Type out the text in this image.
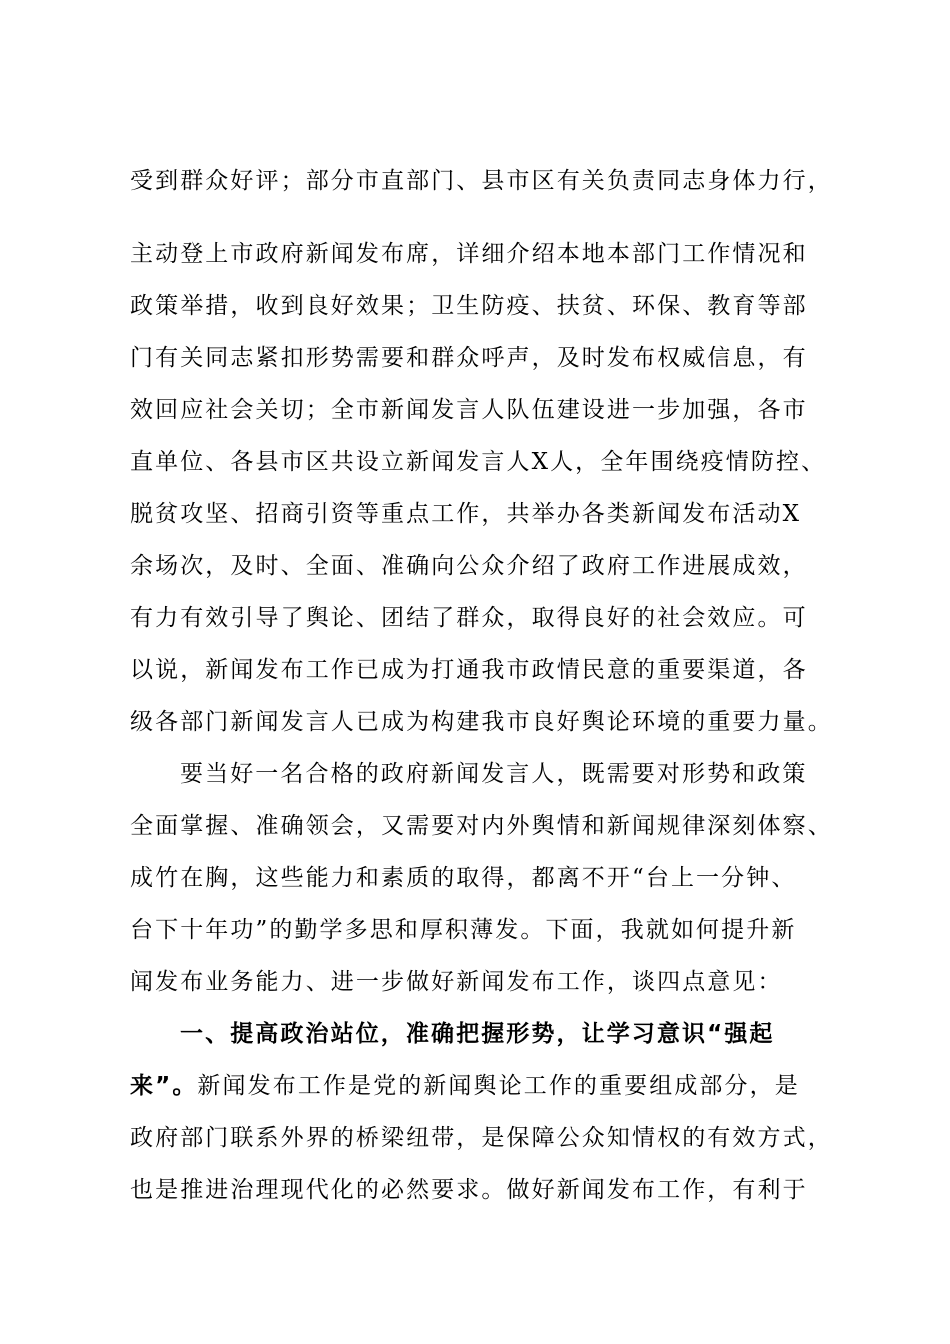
受到群众好评；部分市直部门、县市区有关负责同志身体力行，
主动登上市政府新闻发布席，详细介绍本地本部门工作情况和
政策举措，收到良好效果；卫生防疫、扶贫、环保、教育等部
门有关同志紧扣形势需要和群众呼声，及时发布权威信息，有
效回应社会关切；全市新闻发言人队伍建设进一步加强，各市
直单位、各县市区共设立新闻发言人X人，全年围绕疫情防控、
脱贫攻坚、招商引资等重点工作，共举办各类新闻发布活动X
余场次，及时、全面、准确向公众介绍了政府工作进展成效，
有力有效引导了舆论、团结了群众，取得良好的社会效应。可
以说，新闻发布工作已成为打通我市政情民意的重要渠道，各
级各部门新闻发言人已成为构建我市良好舆论环境的重要力量。
要当好一名合格的政府新闻发言人，既需要对形势和政策
全面掌握、准确领会，又需要对内外舆情和新闻规律深刻体察、
成竹在胸，这些能力和素质的取得，都离不开“台上一分钟、
台下十年功”的勤学多思和厚积薄发。下面，我就如何提升新
闻发布业务能力、进一步做好新闻发布工作，谈四点意见：
一、提高政治站位，准确把握形势，让学习意识“强起
来”。新闻发布工作是党的新闻舆论工作的重要组成部分，是
政府部门联系外界的桥梁纽带，是保障公众知情权的有效方式，
也是推进治理现代化的必然要求。做好新闻发布工作，有利于
